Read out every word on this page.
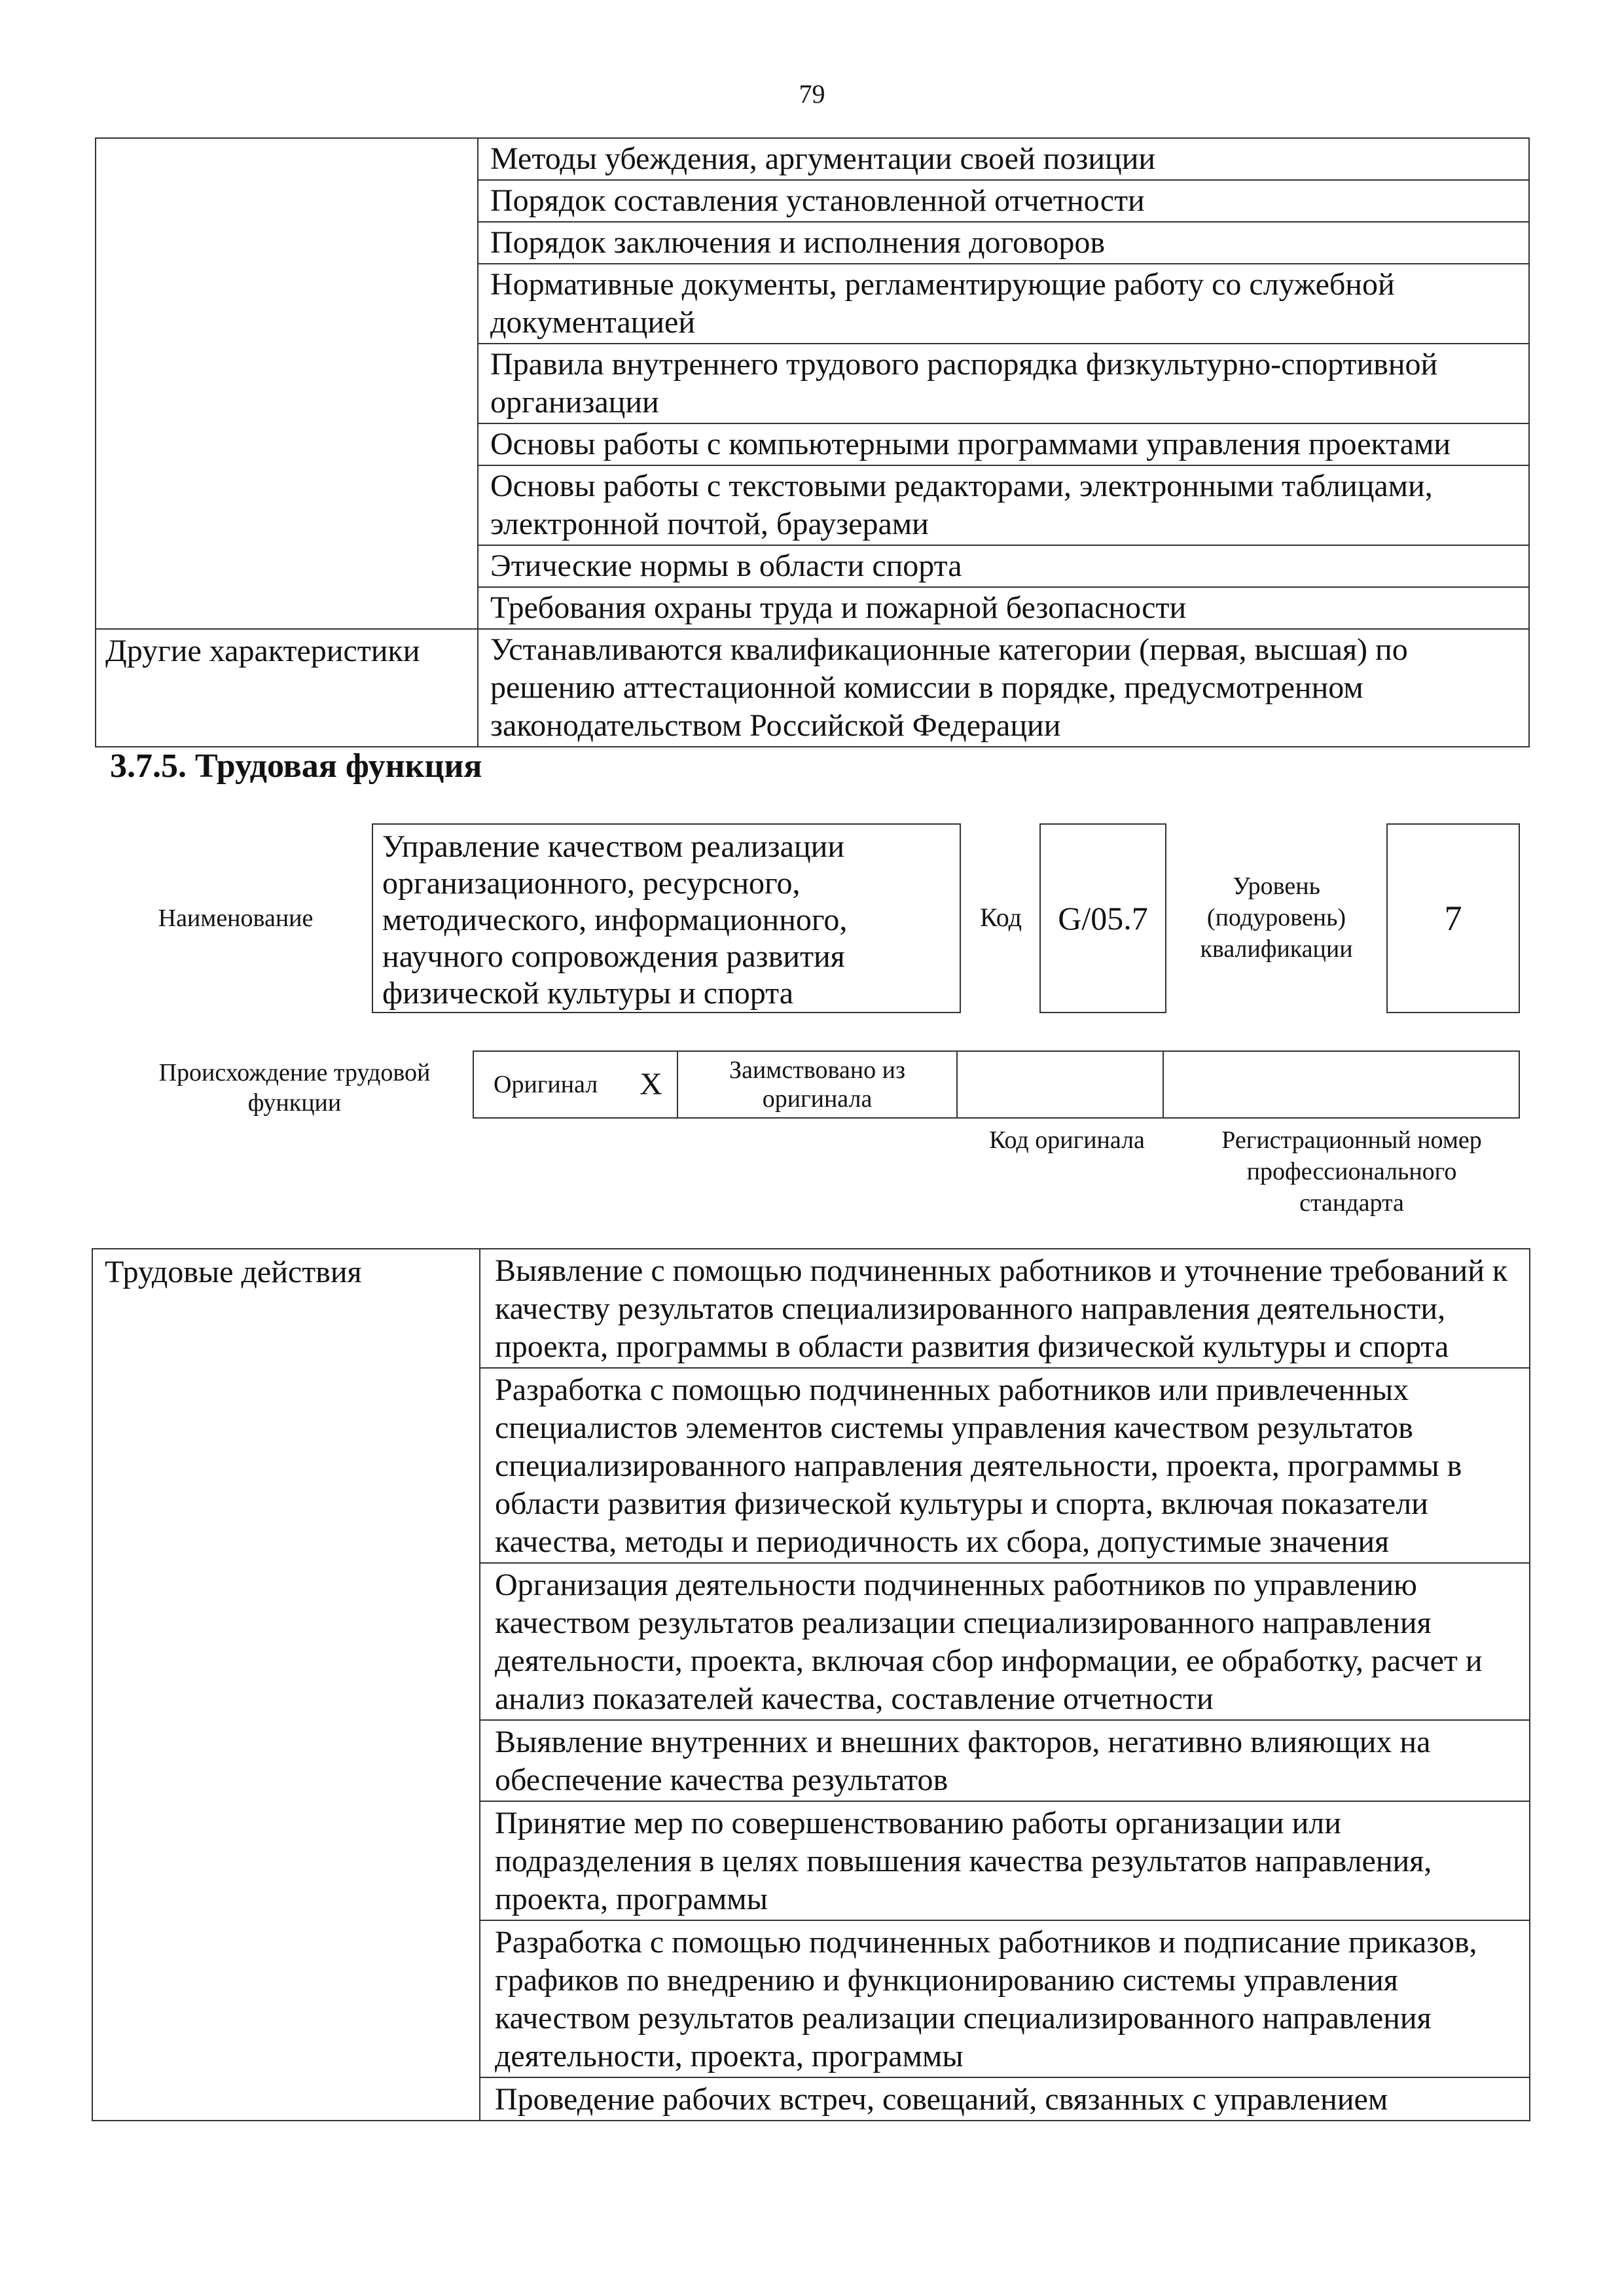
79
	Методы убеждения, аргументации своей позиции
	Порядок составления установленной отчетности
	Порядок заключения и исполнения договоров
	Нормативные документы, регламентирующие работу со служебной документацией
	Правила внутреннего трудового распорядка физкультурно-спортивной организации
	Основы работы с компьютерными программами управления проектами
	Основы работы с текстовыми редакторами, электронными таблицами, электронной почтой, браузерами
	Этические нормы в области спорта
	Требования охраны труда и пожарной безопасности
Другие характеристики	Устанавливаются квалификационные категории (первая, высшая) по решению аттестационной комиссии в порядке, предусмотренном законодательством Российской Федерации
3.7.5. Трудовая функция
Наименование
Управление качеством реализации организационного, ресурсного, методического, информационного, научного сопровождения развития физической культуры и спорта
Код	G/05.7
Уровень (подуровень) квалификации
7
Происхождение трудовой функции
Оригинал	X	Заимствовано из оригинала		
Код оригинала	Регистрационный номер профессионального стандарта
Трудовые действия	Выявление с помощью подчиненных работников и уточнение требований к качеству результатов специализированного направления деятельности, проекта, программы в области развития физической культуры и спорта
Разработка с помощью подчиненных работников или привлеченных специалистов элементов системы управления качеством результатов специализированного направления деятельности, проекта, программы в области развития физической культуры и спорта, включая показатели качества, методы и периодичность их сбора, допустимые значения
Организация деятельности подчиненных работников по управлению качеством результатов реализации специализированного направления деятельности, проекта, включая сбор информации, ее обработку, расчет и анализ показателей качества, составление отчетности
Выявление внутренних и внешних факторов, негативно влияющих на обеспечение качества результатов
Принятие мер по совершенствованию работы организации или подразделения в целях повышения качества результатов направления, проекта, программы
Разработка с помощью подчиненных работников и подписание приказов, графиков по внедрению и функционированию системы управления качеством результатов реализации специализированного направления деятельности, проекта, программы
Проведение рабочих встреч, совещаний, связанных с управлением
